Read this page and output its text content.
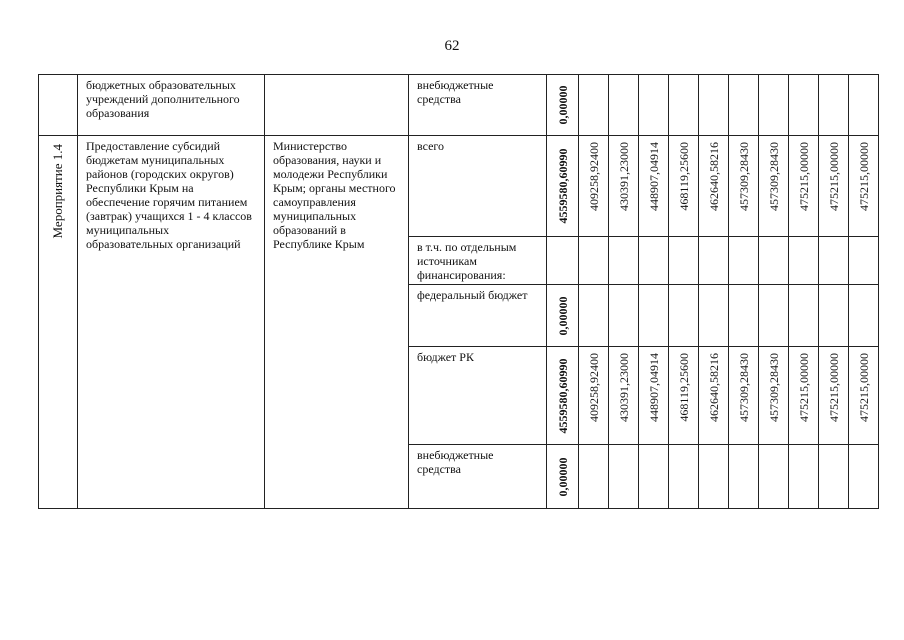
62

	бюджетных образовательных учреждений дополнительного образования		внебюджетные средства	0,00000										

Мероприятие 1.4	Предоставление субсидий бюджетам муниципальных районов (городских округов) Республики Крым на обеспечение горячим питанием (завтрак) учащихся 1 - 4 классов муниципальных образовательных организаций	Министерство образования, науки и молодежи Республики Крым; органы местного самоуправления муниципальных образований в Республике Крым	всего	4559580,60990	409258,92400	430391,23000	448907,04914	468119,25600	462640,58216	457309,28430	457309,28430	475215,00000	475215,00000	475215,00000

			в т.ч. по отдельным источникам финансирования:											

			федеральный бюджет	0,00000										

			бюджет РК	4559580,60990	409258,92400	430391,23000	448907,04914	468119,25600	462640,58216	457309,28430	457309,28430	475215,00000	475215,00000	475215,00000

			внебюджетные средства	0,00000										
